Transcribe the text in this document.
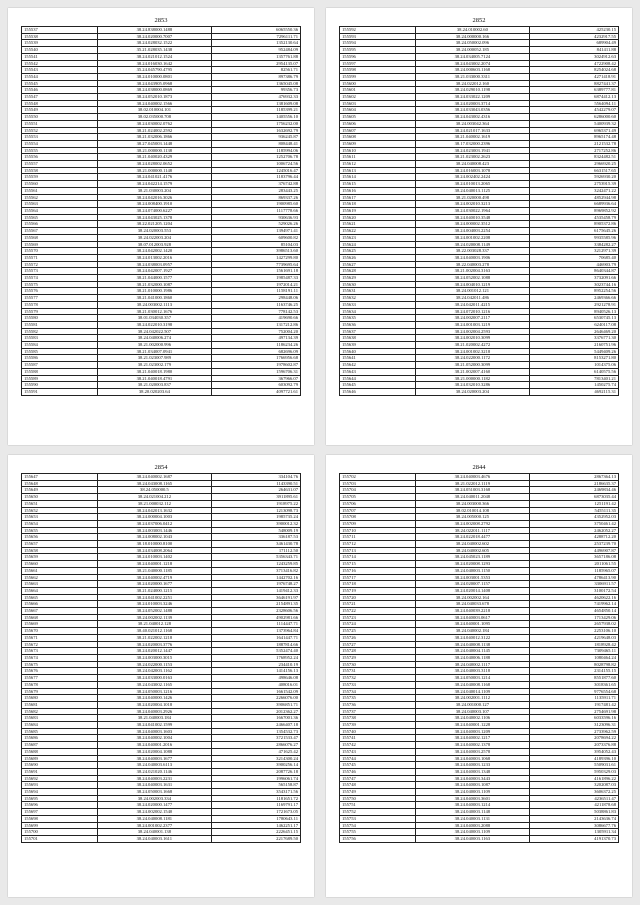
2853
155537	38.24.838000.1488	6065550.36
155538	38.24.020000.7007	7296111.71
155539	38.24.028032.1522	1352130.64
155540	35.21.028035.1438	952484.09
155541	38.24.021012.1524	1357761.88
155542	38.24.016030.1642	2954135.07
155543	35.24.045790.4795	82561.71
155544	38.24.010000.0801	897386.79
155545	38.24.043905.0968	1365045.08
155546	38.24.038000.0869	99356.73
155547	38.24.052010.1873	476932.33
155548	38.24.040002.1566	1381609.08
155549	38.02.010004.101	1185399.21
155550	38.02.035000.708	1405556.10
155551	38.24.030002.0762	1756232.00
155552	38.21.024002.2592	1632692.79
155553	38.21.032006.1866	936245.87
155554	38.27.045003.1448	808448.41
155555	38.21.000000.1138	1185994.06
155556	38.21.040020.4329	1252706.78
155557	38.24.028002.0652	1006724.56
155558	38.21.000000.1148	1245016.47
155559	38.24.041021.4176	1183796.44
155560	38.24.042214.1579	376742.88
155561	38.21.030003.204	283443.25
155562	38.24.042016.3026	869337.26
155563	38.24.008400.1910	1900985.60
155564	38.24.074000.6227	1117778.66
155565	38.24.043025.1378	930636.93
155566	38.22.021205.1204	529026.26
155567	38.24.020003.553	1394971.41
155568	38.24.022003.204	609600.82
155569	38.07.012003.928	85104.03
155570	38.24.042002.1420	3986513.60
155571	38.24.013002.2016	1427299.80
155572	38.24.038003.0957	7739695.64
155573	38.24.042007.1927	1561691.18
155574	38.21.044000.1577	1985487.33
155575	38.21.032000.1087	1972014.21
155576	38.21.010000.1986	1158191.11
155577	38.21.041000.1860	298448.06
155578	38.24.003002.1113	1163746.25
155579	38.21.030012.1676	778142.53
155580	38.01.034030.357	419690.66
155581	38.24.022010.3198	1317212.86
155582	38.24.042022.507	752004.20
155583	38.24.040006.274	497134.39
155584	38.21.002000.996	1186234.26
155585	38.21.034007.0941	682696.09
155586	38.21.023007.989	1766956.68
155587	38.21.023002.179	1978602.87
155588	38.21.040018.1980	1596706.31
155589	38.21.040018.4791	367966.07
155590	38.21.020003.837	603092.79
155591	38.20.020203.64	4097721.61
2852
155592	38.24.010002.60	425230.15
155593	38.24.000000.166	4232917.55
155594	38.24.050002.096	689904.49
155595	38.24.000052.185	841411.88
155596	38.24.034005.7124	3024912.63
155597	38.24.043002.2074	4722908.42
155598	38.24.000603.1168	8254024.68
155599	38.21.033000.3311	4271418.91
155600	38.24.022012.160	8827441.37
155601	38.24.029010.1198	6389777.81
155602	38.24.033022.1209	6874412.13
155603	38.24.020003.3714	5564094.11
155604	38.24.033043.0356	4542279.07
155605	38.24.043002.4316	6286000.60
155606	38.24.003042.364	5400939.32
155607	38.24.021017.1633	6965371.49
155608	38.21.040002.1619	8965174.48
155609	38.17.032000.2396	2121532.78
155610	38.24.023003.1941	2717252.86
155611	38.21.023002.2623	8324482.51
155612	38.24.040008.423	2966920.25
155613	38.24.016003.1078	6631517.65
155614	38.24.002402.2424	5926930.20
155615	38.24.010013.2065	2753915.39
155616	38.24.040013.1125	3242471.22
155617	38.21.020000.498	4852944.98
155618	38.24.002010.3213	6689936.64
155619	38.24.030022.1964	8969852.92
155620	38.24.040010.3548	4535458.79
155621	38.24.000002.3512	8905372.86
155622	38.24.004003.2254	6175645.26
155623	38.24.001002.2208	9935585.96
155624	38.24.020008.1149	3384282.27
155625	38.22.003028.337	3212971.39
155626	38.24.040003.1906	70685.40
155627	38.22.040003.278	446903.79
155628	38.21.002004.3163	8640344.87
155629	38.24.052002.1088	3732091.66
155630	38.24.004010.1219	3023744.16
155631	38.24.001012.121	8952254.56
155632	38.24.042011.486	2469366.66
155633	38.24.042011.4215	2921278.91
155634	38.24.072010.1216	8940526.13
155635	38.24.002007.2117	6530745.13
155636	38.24.001003.1219	6240117.08
155637	38.24.002004.2593	2646469.20
155638	38.24.002010.3099	3376771.30
155639	38.21.020002.4272	2160751.96
155640	38.24.001002.3218	5449409.26
155641	38.24.022000.1172	8153271.80
155642	38.21.052000.3099	1014375.06
155643	38.21.002007.4160	6140575.56
155644	38.21.000000.1182	7813401.21
155645	38.24.032010.3286	1450275.74
155646	38.24.020003.204	4692115.31
2854
155647	38.24.040002.1687	334104.76
155648	38.24.043008.1165	1143390.51
155649	38.24.050000.5	264631.07
155650	38.24.021004.212	3911895.61
155651	38.21.000032.112	1918975.22
155652	38.24.042013.1632	1213098.73
155653	38.24.000004.1003	1985735.24
155654	38.24.037006.0412	3900012.32
155655	38.24.003003.1446	548009.19
155656	38.24.008002.1043	336187.53
155657	38.18.010000.8100	3461430.78
155658	38.24.034008.2064	171112.50
155659	38.24.010003.1402	5356343.71
155660	38.24.040001.1218	1243259.85
155661	38.21.040000.1185	3713416.82
155662	38.24.040002.4719	1442702.16
155663	38.24.020000.1677	1976748.27
155664	38.21.024000.1215	1419412.33
155665	38.24.041002.2251	3646191.97
155666	38.24.010003.3246	2154891.35
155667	38.24.052002.1488	2328606.56
155668	38.24.002002.1139	4902981.66
155669	38.21.040012.128	1114447.71
155670	38.40.021012.1168	1373964.84
155671	38.21.022002.1218	1641447.71
155672	38.24.020003.3776	1887814.66
155673	38.24.020012.1447	5352474.40
155674	38.24.003000.3015	1768952.24
155675	38.24.022000.1153	234410.19
155676	38.24.042003.1162	1414156.13
155677	38.24.033000.0163	498646.08
155678	38.24.043002.1165	408016.01
155679	38.24.050003.1216	1661542.09
155680	38.24.040000.1426	2266076.00
155681	38.24.020004.1018	3906851.71
155682	38.24.040003.2926	2012362.27
155683	38.21.040003.184	1667001.36
155684	38.24.041002.1599	2466407.18
155685	38.24.040003.1603	1354532.73
155686	38.24.040002.1004	3721533.47
155687	38.24.040001.2016	2866076.27
155688	38.24.020004.1088	471625.42
155689	38.24.040003.1677	3214300.24
155690	38.24.040003.6113	3900256.14
155691	38.24.021020.1146	2087726.18
155692	38.24.040003.2231	1996061.74
155693	38.24.040003.1631	565158.87
155694	38.24.050003.1668	3543171.56
155695	38.24.002003.334	1181651.72
155696	38.24.020000.1477	1169791.17
155697	38.24.002002.1540	1721673.05
155698	38.24.040008.1181	1780643.11
155699	38.24.001002.2377	1462251.17
155700	38.24.040001.138	2226451.15
155701	38.24.040003.1611	2217689.50
2844
155702	38.24.040003.4676	2867364.13
155703	38.21.022012.1119	2186635.37
155704	38.24.051003.3168	2469834.46
155705	38.24.040011.2048	6873035.44
155706	38.24.003000.366	1251191.42
155707	38.02.010014.108	5455111.35
155708	38.24.005000.125	4352952.03
155709	38.24.002008.2792	3750461.42
155710	38.24.022011.1117	2462052.27
155711	38.24.022018.4477	4288712.20
155712	38.24.040002.602	2537239.70
155713	38.24.040002.605	4496907.87
155714	38.24.045023.1189	3657186.08
155715	38.24.020008.1293	2011061.55
155716	38.24.040003.1150	1185965.07
155717	38.24.003001.5353	4786413.90
155718	38.24.020007.1157	3306911.57
155719	38.24.020014.1408	3100172.54
155720	38.24.002002.164	4620622.16
155721	38.24.040033.678	7419962.14
155722	38.24.040039.2218	4654850.14
155723	38.24.040003.0617	1713429.06
155724	38.24.040001.1095	2657938.02
155725	38.24.040002.184	2253106.10
155726	38.24.040012.3122	4219648.03
155727	38.24.040008.1138	1818928.42
155728	38.24.040004.1145	7309465.11
155729	38.24.040006.1188	1080464.24
155730	38.24.040002.1117	8028798.82
155731	38.24.040003.3118	2314155.15
155732	38.24.050003.1214	8551877.60
155733	38.24.040008.1168	3018361.65
155734	38.24.040014.1109	9776554.68
155735	38.24.002001.1112	1135911.71
155736	38.24.001000.127	1917481.42
155737	38.24.040003.107	2754691.98
155738	38.24.040002.1106	6033596.16
155739	38.24.040001.1228	3123096.31
155740	38.24.040003.1209	2733962.59
155741	38.24.040002.1217	2078694.22
155742	38.24.040002.1378	2073376.88
155743	38.24.040003.2578	3954052.43
155744	38.24.040003.1068	4189396.10
155745	38.24.040003.1233	5509031.61
155746	38.24.040003.1348	5950329.03
155747	38.24.040003.3443	4161896.22
155748	38.24.040003.1087	3202087.03
155749	38.24.040003.1109	3606372.25
155750	38.24.040003.3601	4236511.47
155751	38.24.040003.1214	4211878.68
155752	38.24.040003.1148	5038861.83
155753	38.24.040003.1131	2143636.74
155754	38.24.040003.2088	3086677.76
155755	38.24.040003.1109	1305911.34
155756	38.24.040003.1163	4191370.73
